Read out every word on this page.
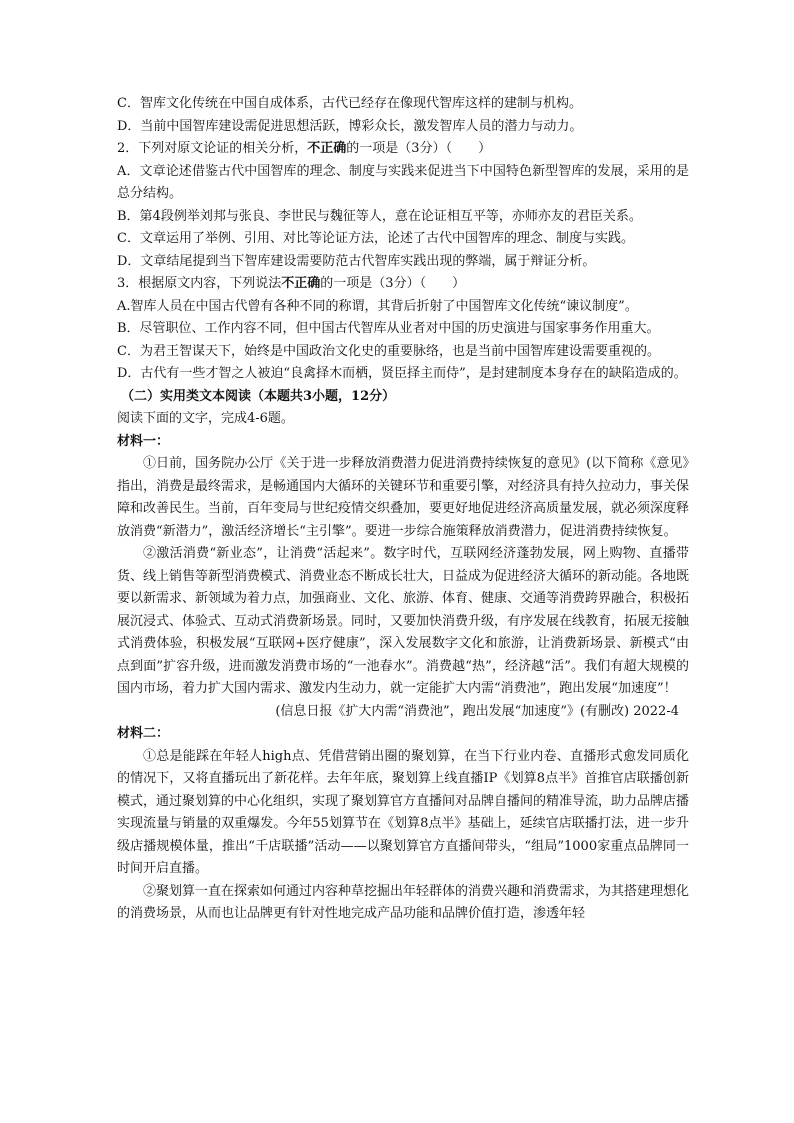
C．智库文化传统在中国自成体系，古代已经存在像现代智库这样的建制与机构。

D．当前中国智库建设需促进思想活跃，博彩众长，激发智库人员的潜力与动力。

2．下列对原文论证的相关分析，不正确的一项是（3分）（　　）

A．文章论述借鉴古代中国智库的理念、制度与实践来促进当下中国特色新型智库的发展，采用的是总分结构。

B．第4段例举刘邦与张良、李世民与魏征等人，意在论证相互平等，亦师亦友的君臣关系。

C．文章运用了举例、引用、对比等论证方法，论述了古代中国智库的理念、制度与实践。

D．文章结尾提到当下智库建设需要防范古代智库实践出现的弊端，属于辩证分析。

3．根据原文内容，下列说法不正确的一项是（3分）（　　）

A.智库人员在中国古代曾有各种不同的称谓，其背后折射了中国智库文化传统“谏议制度”。

B．尽管职位、工作内容不同，但中国古代智库从业者对中国的历史演进与国家事务作用重大。

C．为君王智谋天下，始终是中国政治文化史的重要脉络，也是当前中国智库建设需要重视的。

D．古代有一些才智之人被迫“良禽择木而栖，贤臣择主而侍”，是封建制度本身存在的缺陷造成的。

（二）实用类文本阅读（本题共3小题，12分）

阅读下面的文字，完成4-6题。

材料一：

①日前，国务院办公厅《关于进一步释放消费潜力促进消费持续恢复的意见》(以下简称《意见》指出，消费是最终需求，是畅通国内大循环的关键环节和重要引擎，对经济具有持久拉动力，事关保障和改善民生。当前，百年变局与世纪疫情交织叠加，要更好地促进经济高质量发展，就必须深度释放消费“新潜力”，激活经济增长“主引擎”。要进一步综合施策释放消费潜力，促进消费持续恢复。

②激活消费“新业态”，让消费“活起来”。数字时代，互联网经济蓬勃发展，网上购物、直播带货、线上销售等新型消费模式、消费业态不断成长壮大，日益成为促进经济大循环的新动能。各地既要以新需求、新领域为着力点，加强商业、文化、旅游、体育、健康、交通等消费跨界融合，积极拓展沉浸式、体验式、互动式消费新场景。同时，又要加快消费升级，有序发展在线教育，拓展无接触式消费体验，积极发展“互联网+医疗健康”，深入发展数字文化和旅游，让消费新场景、新模式“由点到面”扩容升级，进而激发消费市场的“一池春水”。消费越“热”，经济越“活”。我们有超大规模的国内市场，着力扩大国内需求、激发内生动力，就一定能扩大内需“消费池”，跑出发展“加速度”！

(信息日报《扩大内需“消费池”，跑出发展“加速度”》(有删改) 2022-4

材料二：

①总是能踩在年轻人high点、凭借营销出圈的聚划算，在当下行业内卷、直播形式愈发同质化的情况下，又将直播玩出了新花样。去年年底，聚划算上线直播IP《划算8点半》首推官店联播创新模式，通过聚划算的中心化组织，实现了聚划算官方直播间对品牌自播间的精准导流，助力品牌店播实现流量与销量的双重爆发。今年55划算节在《划算8点半》基础上，延续官店联播打法，进一步升级店播规模体量，推出“千店联播”活动——以聚划算官方直播间带头，“组局”1000家重点品牌同一时间开启直播。

②聚划算一直在探索如何通过内容种草挖掘出年轻群体的消费兴趣和消费需求，为其搭建理想化的消费场景，从而也让品牌更有针对性地完成产品功能和品牌价值打造，渗透年轻
